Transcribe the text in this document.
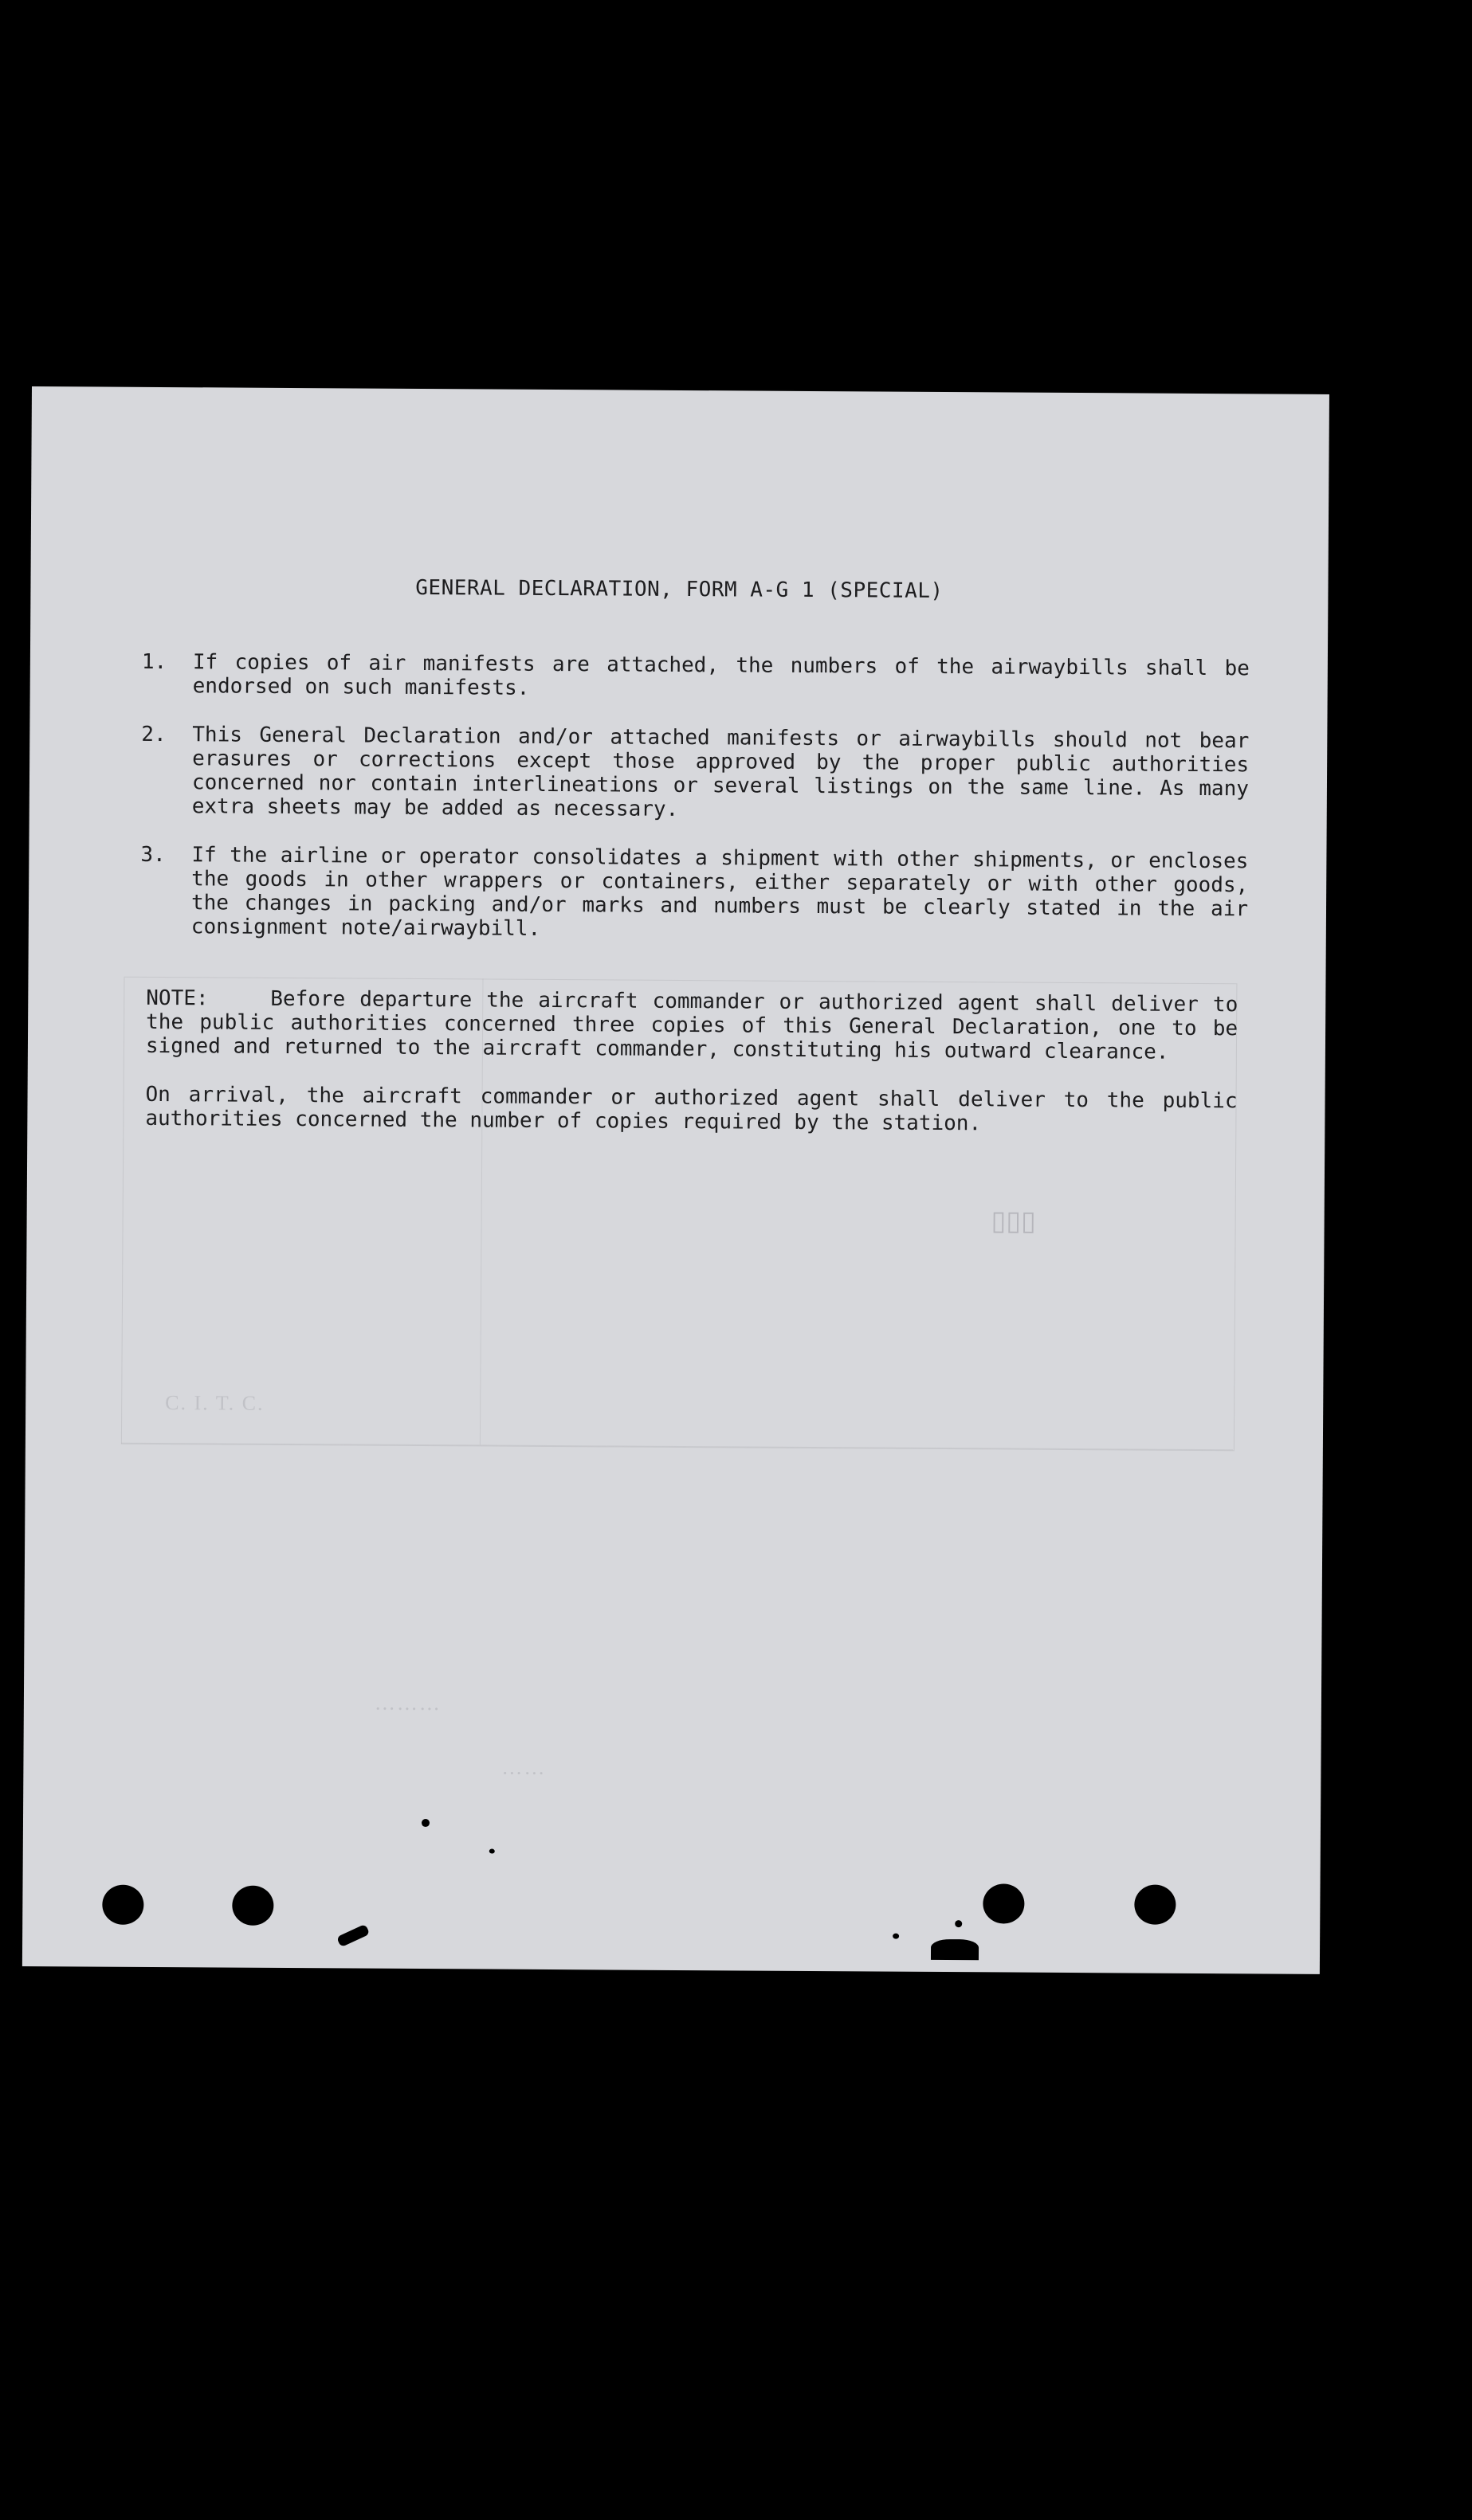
C. I. T. C.
………
……
▯▯▯
GENERAL DECLARATION, FORM A-G 1 (SPECIAL)
1.	If copies of air manifests are attached, the numbers of the airwaybills shall be endorsed on such manifests.
2.	This General Declaration and/or attached manifests or airwaybills should not bear erasures or corrections except those approved by the proper public authorities concerned nor contain interlineations or several listings on the same line. As many extra sheets may be added as necessary.
3.	If the airline or operator consolidates a shipment with other shipments, or encloses the goods in other wrappers or containers, either separately or with other goods, the changes in packing and/or marks and numbers must be clearly stated in the air consignment note/airwaybill.

NOTE:	Before departure the aircraft commander or authorized agent shall deliver to the public authorities concerned three copies of this General Declaration, one to be signed and returned to the aircraft commander, constituting his outward clearance.

On arrival, the aircraft commander or authorized agent shall deliver to the public authorities concerned the number of copies required by the station.
